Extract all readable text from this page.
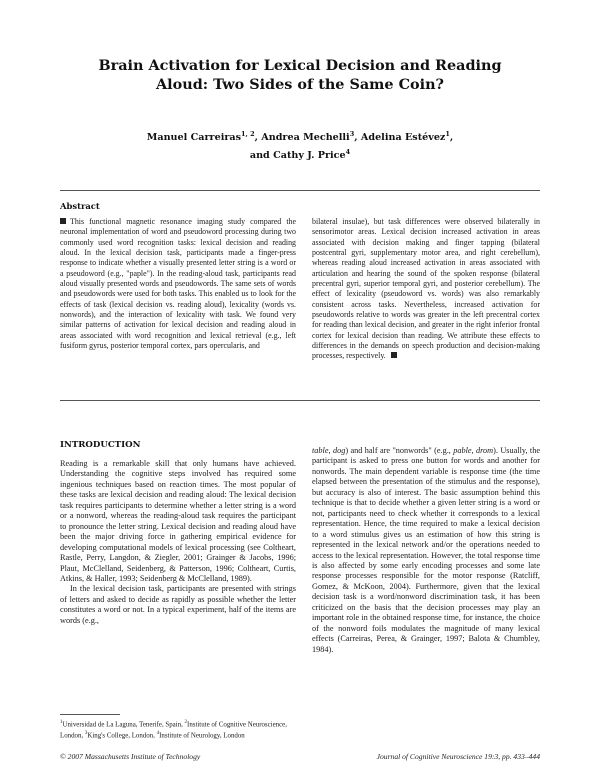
Brain Activation for Lexical Decision and Reading
Aloud: Two Sides of the Same Coin?
Manuel Carreiras$^{1, 2}$, Andrea Mechelli$^3$, Adelina Estévez$^1$,
and Cathy J. Price$^4$
Abstract

This functional magnetic resonance imaging study compared the neuronal implementation of word and pseudoword processing during two commonly used word recognition tasks: lexical decision and reading aloud. In the lexical decision task, participants made a finger-press response to indicate whether a visually presented letter string is a word or a pseudoword (e.g., "paple"). In the reading-aloud task, participants read aloud visually presented words and pseudowords. The same sets of words and pseudowords were used for both tasks. This enabled us to look for the effects of task (lexical decision vs. reading aloud), lexicality (words vs. nonwords), and the interaction of lexicality with task. We found very similar patterns of activation for lexical decision and reading aloud in areas associated with word recognition and lexical retrieval (e.g., left fusiform gyrus, posterior temporal cortex, pars opercularis, and

bilateral insulae), but task differences were observed bilaterally in sensorimotor areas. Lexical decision increased activation in areas associated with decision making and finger tapping (bilateral postcentral gyri, supplementary motor area, and right cerebellum), whereas reading aloud increased activation in areas associated with articulation and hearing the sound of the spoken response (bilateral precentral gyri, superior temporal gyri, and posterior cerebellum). The effect of lexicality (pseudoword vs. words) was also remarkably consistent across tasks. Nevertheless, increased activation for pseudowords relative to words was greater in the left precentral cortex for reading than lexical decision, and greater in the right inferior frontal cortex for lexical decision than reading. We attribute these effects to differences in the demands on speech production and decision-making processes, respectively.

INTRODUCTION

Reading is a remarkable skill that only humans have achieved. Understanding the cognitive steps involved has required some ingenious techniques based on reaction times. The most popular of these tasks are lexical decision and reading aloud: The lexical decision task requires participants to determine whether a letter string is a word or a nonword, whereas the reading-aloud task requires the participant to pronounce the letter string. Lexical decision and reading aloud have been the major driving force in gathering empirical evidence for developing computational models of lexical processing (see Coltheart, Rastle, Perry, Langdon, & Ziegler, 2001; Grainger & Jacobs, 1996; Plaut, McClelland, Seidenberg, & Patterson, 1996; Coltheart, Curtis, Atkins, & Haller, 1993; Seidenberg & McClelland, 1989).

In the lexical decision task, participants are presented with strings of letters and asked to decide as rapidly as possible whether the letter constitutes a word or not. In a typical experiment, half of the items are words (e.g.,

table, dog) and half are "nonwords" (e.g., pable, drom). Usually, the participant is asked to press one button for words and another for nonwords. The main dependent variable is response time (the time elapsed between the presentation of the stimulus and the response), but accuracy is also of interest. The basic assumption behind this technique is that to decide whether a given letter string is a word or not, participants need to check whether it corresponds to a lexical representation. Hence, the time required to make a lexical decision to a word stimulus gives us an estimation of how this string is represented in the lexical network and/or the operations needed to access to the lexical representation. However, the total response time is also affected by some early encoding processes and some late response processes responsible for the motor response (Ratcliff, Gomez, & McKoon, 2004). Furthermore, given that the lexical decision task is a word/nonword discrimination task, it has been criticized on the basis that the decision processes may play an important role in the obtained response time, for instance, the choice of the nonword foils modulates the magnitude of many lexical effects (Carreiras, Perea, & Grainger, 1997; Balota & Chumbley, 1984).

$^1$Universidad de La Laguna, Tenerife, Spain, $^2$Institute of Cognitive Neuroscience, London, $^3$King's College, London, $^4$Institute of Neurology, London
© 2007 Massachusetts Institute of Technology	Journal of Cognitive Neuroscience 19:3, pp. 433–444
